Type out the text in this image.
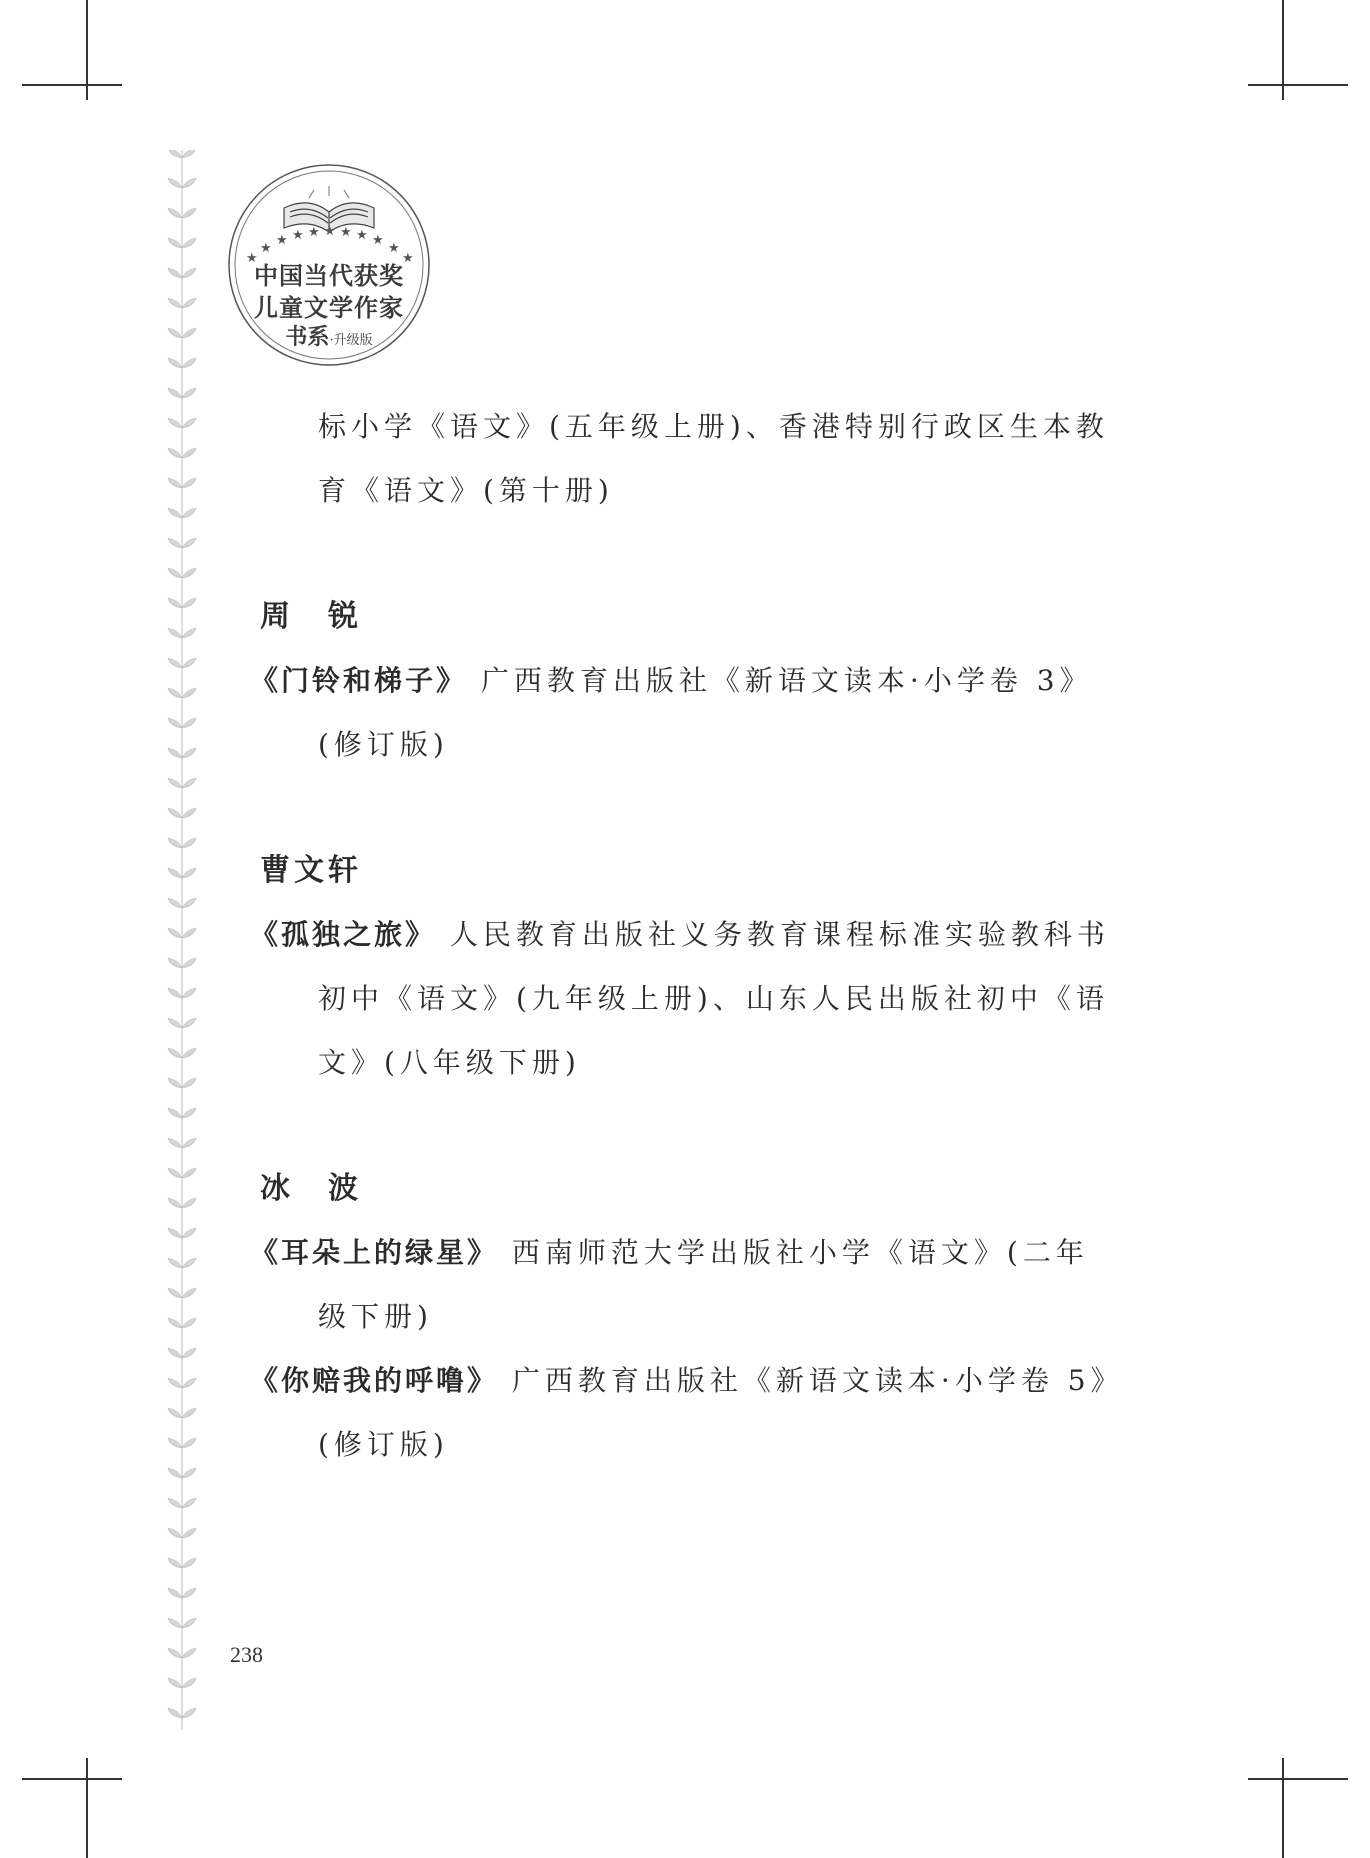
★
★
★ ★ ★ ★ ★ ★ ★
★
★
中国当代获奖
儿童文学作家
书系·升级版
标小学《语文》(五年级上册)、香港特别行政区生本教
育《语文》(第十册)
周　锐
《门铃和梯子》 广西教育出版社《新语文读本·小学卷 3》(修订版)
曹文轩
《孤独之旅》 人民教育出版社义务教育课程标准实验教科书初中《语文》(九年级上册)、山东人民出版社初中《语文》(八年级下册)
冰　波
《耳朵上的绿星》 西南师范大学出版社小学《语文》(二年级下册)
《你赔我的呼噜》 广西教育出版社《新语文读本·小学卷 5》(修订版)
238
